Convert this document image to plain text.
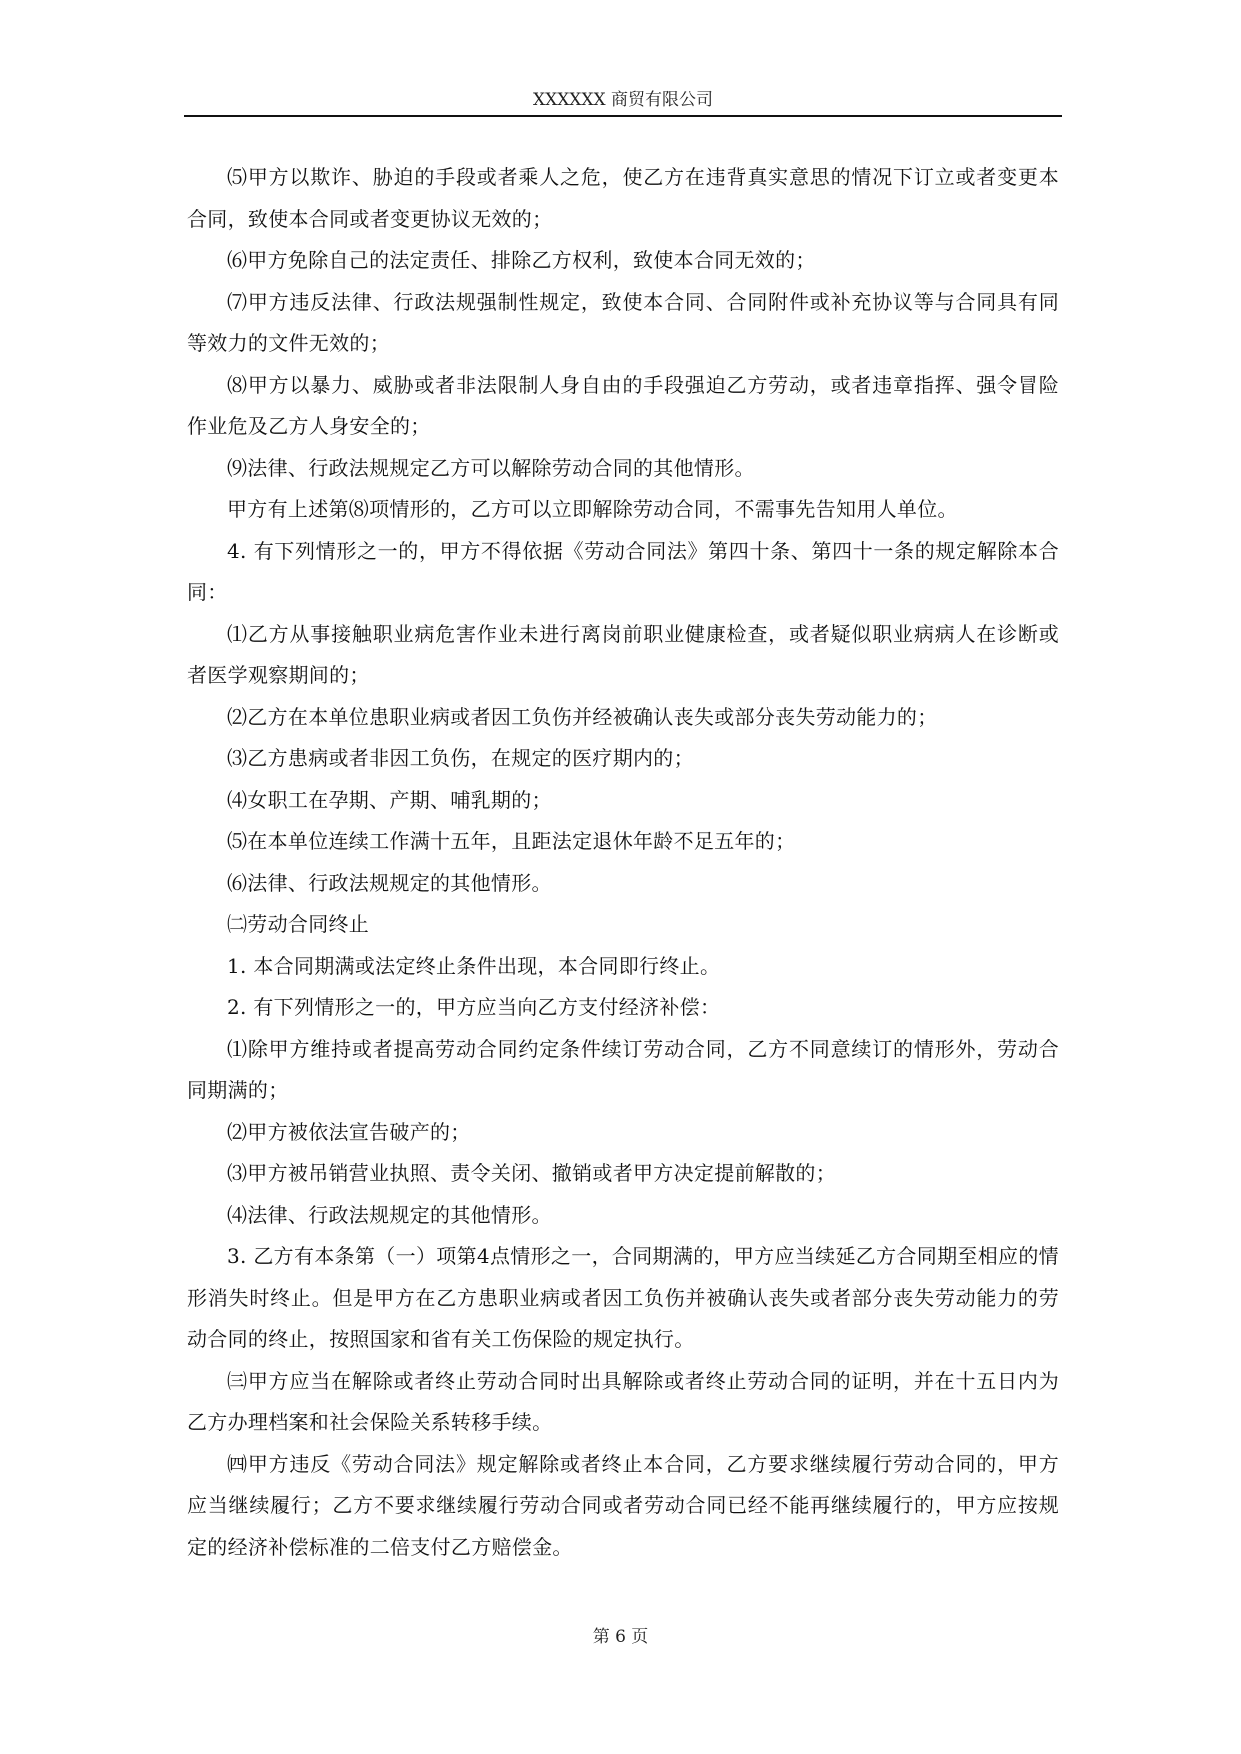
XXXXXX 商贸有限公司

⑸甲方以欺诈、胁迫的手段或者乘人之危，使乙方在违背真实意思的情况下订立或者变更本合同，致使本合同或者变更协议无效的；

⑹甲方免除自己的法定责任、排除乙方权利，致使本合同无效的；

⑺甲方违反法律、行政法规强制性规定，致使本合同、合同附件或补充协议等与合同具有同等效力的文件无效的；

⑻甲方以暴力、威胁或者非法限制人身自由的手段强迫乙方劳动，或者违章指挥、强令冒险作业危及乙方人身安全的；

⑼法律、行政法规规定乙方可以解除劳动合同的其他情形。

甲方有上述第⑻项情形的，乙方可以立即解除劳动合同，不需事先告知用人单位。

4. 有下列情形之一的，甲方不得依据《劳动合同法》第四十条、第四十一条的规定解除本合同：

⑴乙方从事接触职业病危害作业未进行离岗前职业健康检查，或者疑似职业病病人在诊断或者医学观察期间的；

⑵乙方在本单位患职业病或者因工负伤并经被确认丧失或部分丧失劳动能力的；

⑶乙方患病或者非因工负伤，在规定的医疗期内的；

⑷女职工在孕期、产期、哺乳期的；

⑸在本单位连续工作满十五年，且距法定退休年龄不足五年的；

⑹法律、行政法规规定的其他情形。

㈡劳动合同终止

1. 本合同期满或法定终止条件出现，本合同即行终止。

2. 有下列情形之一的，甲方应当向乙方支付经济补偿：

⑴除甲方维持或者提高劳动合同约定条件续订劳动合同，乙方不同意续订的情形外，劳动合同期满的；

⑵甲方被依法宣告破产的；

⑶甲方被吊销营业执照、责令关闭、撤销或者甲方决定提前解散的；

⑷法律、行政法规规定的其他情形。

3. 乙方有本条第（一）项第4点情形之一，合同期满的，甲方应当续延乙方合同期至相应的情形消失时终止。但是甲方在乙方患职业病或者因工负伤并被确认丧失或者部分丧失劳动能力的劳动合同的终止，按照国家和省有关工伤保险的规定执行。

㈢甲方应当在解除或者终止劳动合同时出具解除或者终止劳动合同的证明，并在十五日内为乙方办理档案和社会保险关系转移手续。

㈣甲方违反《劳动合同法》规定解除或者终止本合同，乙方要求继续履行劳动合同的，甲方应当继续履行；乙方不要求继续履行劳动合同或者劳动合同已经不能再继续履行的，甲方应按规定的经济补偿标准的二倍支付乙方赔偿金。

第 6 页
